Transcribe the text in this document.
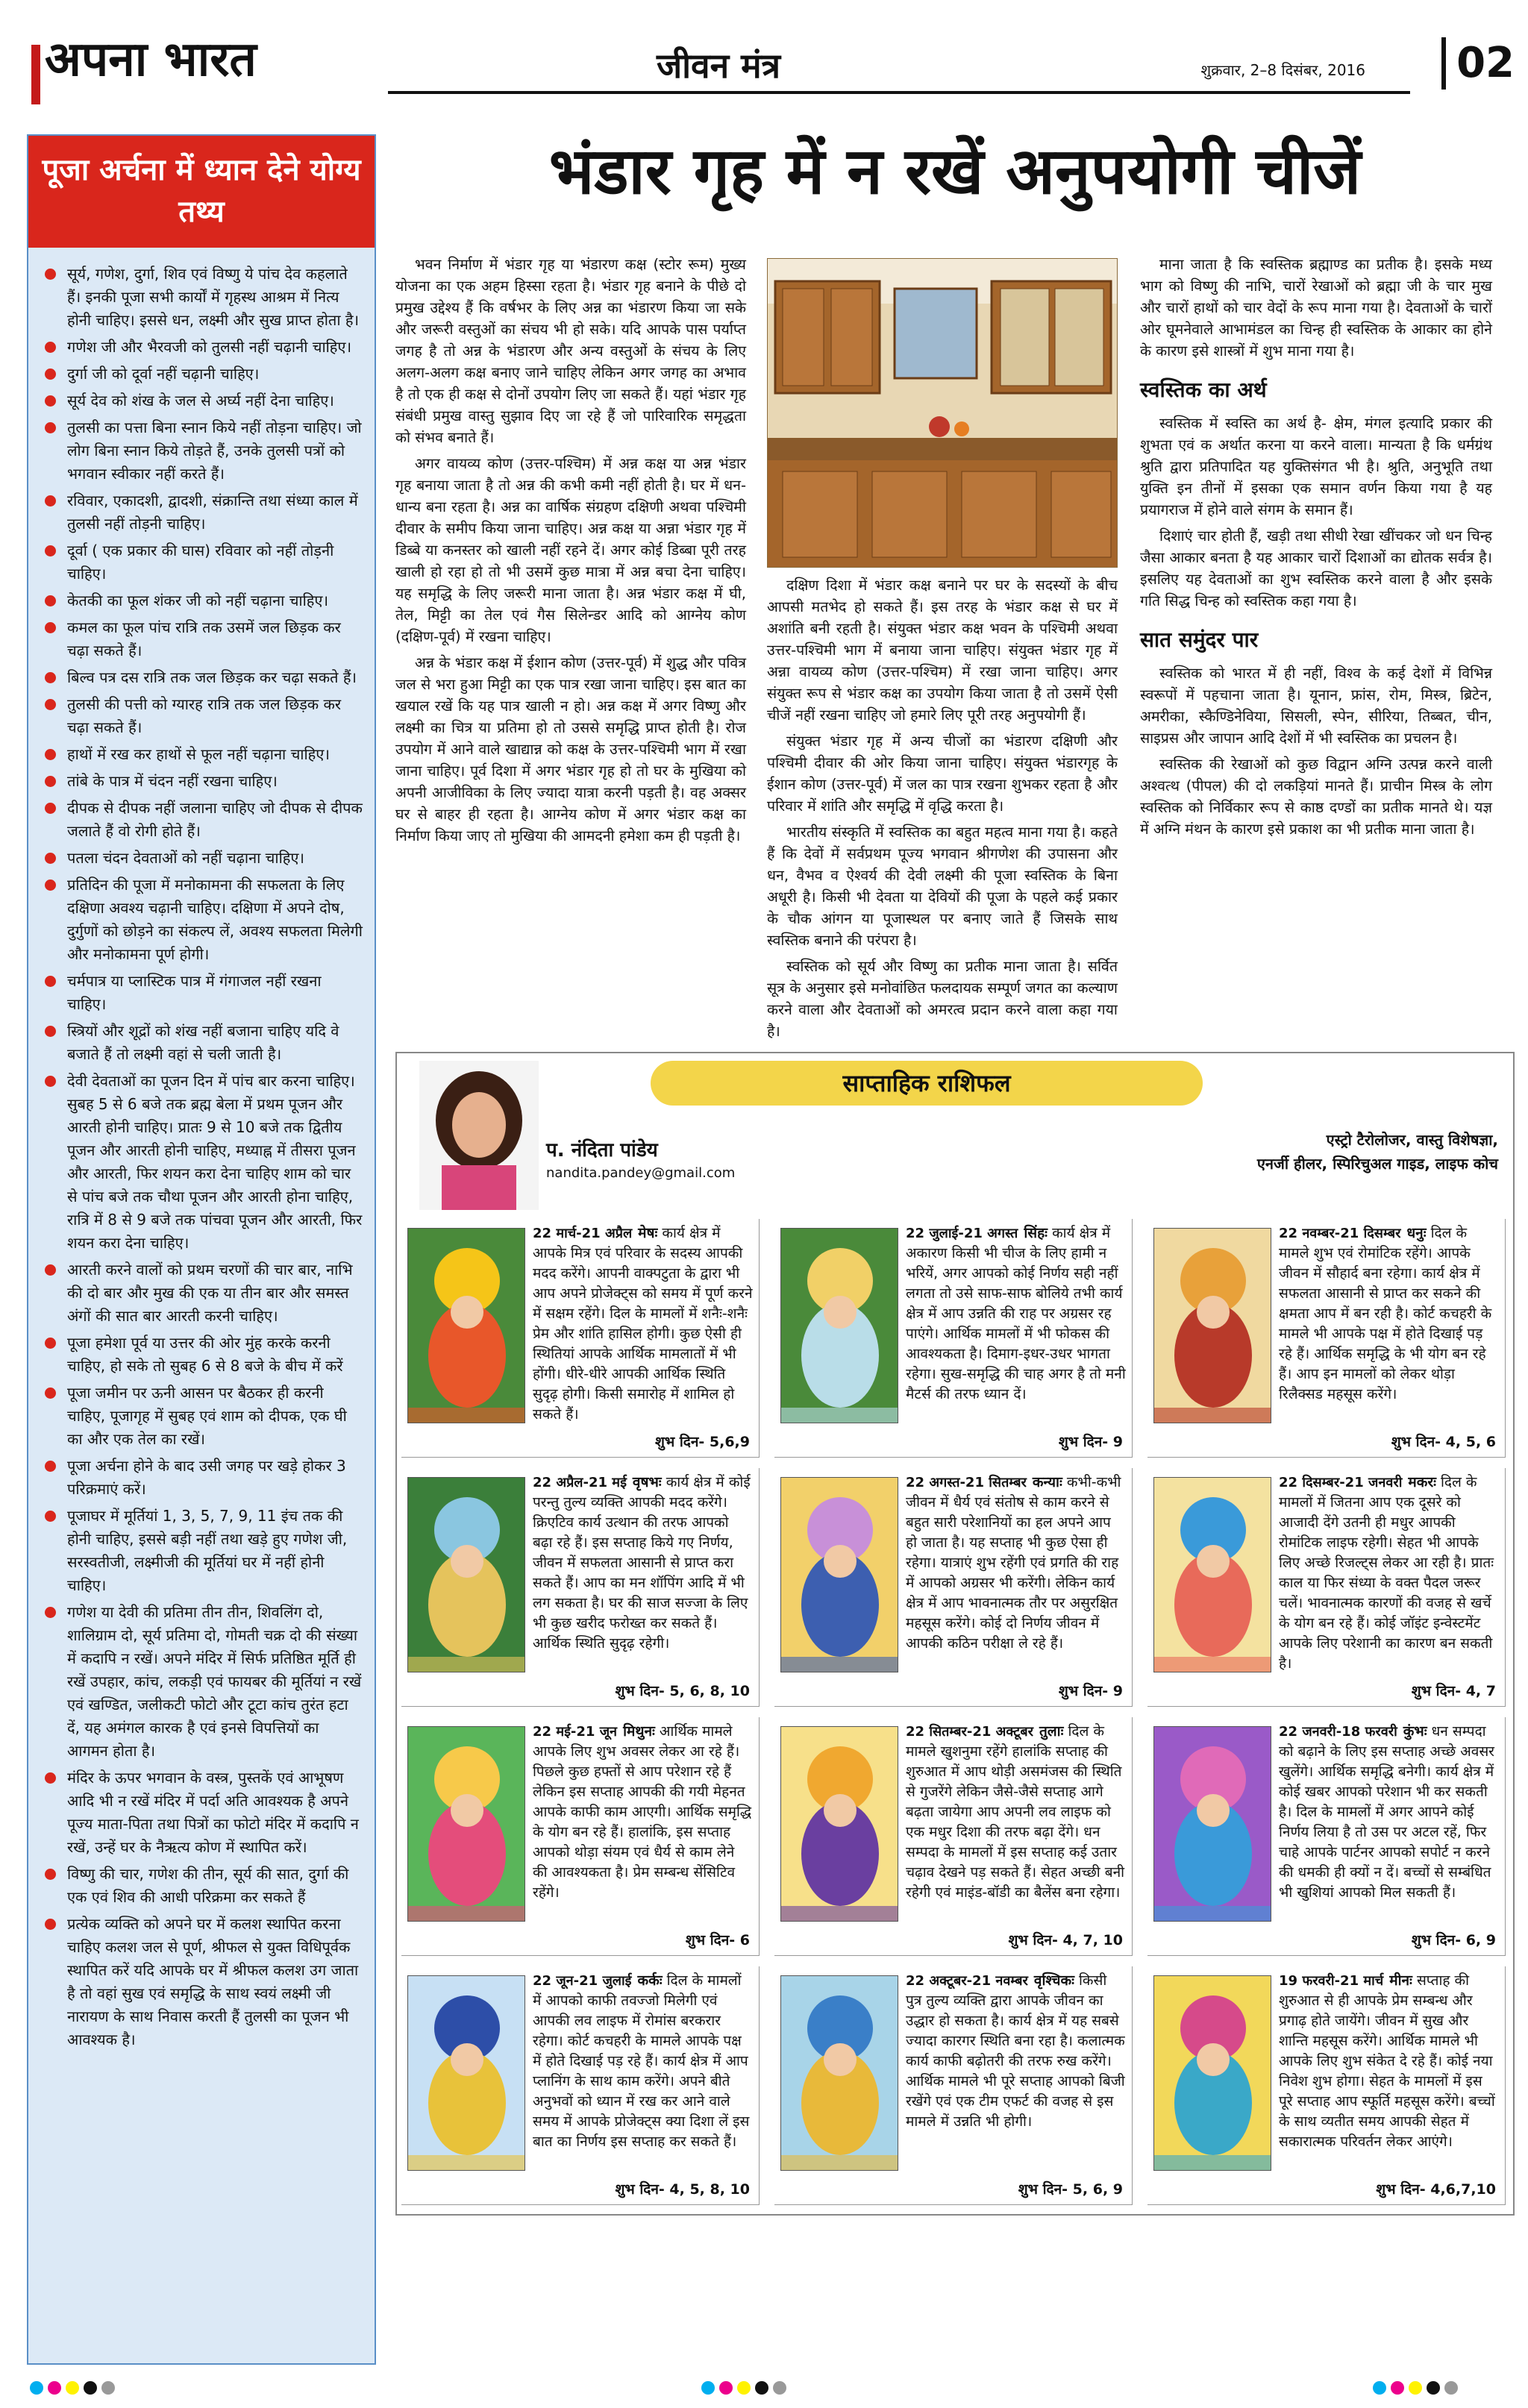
अपना भारत	जीवन मंत्र	शुक्रवार, 2–8 दिसंबर, 2016	02
पूजा अर्चना में ध्यान देने योग्य तथ्य
सूर्य, गणेश, दुर्गा, शिव एवं विष्णु ये पांच देव कहलाते हैं। इनकी पूजा सभी कार्यों में गृहस्थ आश्रम में नित्य होनी चाहिए। इससे धन, लक्ष्मी और सुख प्राप्त होता है।
गणेश जी और भैरवजी को तुलसी नहीं चढ़ानी चाहिए।
दुर्गा जी को दूर्वा नहीं चढ़ानी चाहिए।
सूर्य देव को शंख के जल से अर्घ्य नहीं देना चाहिए।
तुलसी का पत्ता बिना स्नान किये नहीं तोड़ना चाहिए। जो लोग बिना स्नान किये तोड़ते हैं, उनके तुलसी पत्रों को भगवान स्वीकार नहीं करते हैं।
रविवार, एकादशी, द्वादशी, संक्रान्ति तथा संध्या काल में तुलसी नहीं तोड़नी चाहिए।
दूर्वा ( एक प्रकार की घास) रविवार को नहीं तोड़नी चाहिए।
केतकी का फूल शंकर जी को नहीं चढ़ाना चाहिए।
कमल का फूल पांच रात्रि तक उसमें जल छिड़क कर चढ़ा सकते हैं।
बिल्व पत्र दस रात्रि तक जल छिड़क कर चढ़ा सकते हैं।
तुलसी की पत्ती को ग्यारह रात्रि तक जल छिड़क कर चढ़ा सकते हैं।
हाथों में रख कर हाथों से फूल नहीं चढ़ाना चाहिए।
तांबे के पात्र में चंदन नहीं रखना चाहिए।
दीपक से दीपक नहीं जलाना चाहिए जो दीपक से दीपक जलाते हैं वो रोगी होते हैं।
पतला चंदन देवताओं को नहीं चढ़ाना चाहिए।
प्रतिदिन की पूजा में मनोकामना की सफलता के लिए दक्षिणा अवश्य चढ़ानी चाहिए। दक्षिणा में अपने दोष, दुर्गुणों को छोड़ने का संकल्प लें, अवश्य सफलता मिलेगी और मनोकामना पूर्ण होगी।
चर्मपात्र या प्लास्टिक पात्र में गंगाजल नहीं रखना चाहिए।
स्त्रियों और शूद्रों को शंख नहीं बजाना चाहिए यदि वे बजाते हैं तो लक्ष्मी वहां से चली जाती है।
देवी देवताओं का पूजन दिन में पांच बार करना चाहिए। सुबह 5 से 6 बजे तक ब्रह्म बेला में प्रथम पूजन और आरती होनी चाहिए। प्रातः 9 से 10 बजे तक द्वितीय पूजन और आरती होनी चाहिए, मध्याह्न में तीसरा पूजन और आरती, फिर शयन करा देना चाहिए शाम को चार से पांच बजे तक चौथा पूजन और आरती होना चाहिए, रात्रि में 8 से 9 बजे तक पांचवा पूजन और आरती, फिर शयन करा देना चाहिए।
आरती करने वालों को प्रथम चरणों की चार बार, नाभि की दो बार और मुख की एक या तीन बार और समस्त अंगों की सात बार आरती करनी चाहिए।
पूजा हमेशा पूर्व या उत्तर की ओर मुंह करके करनी चाहिए, हो सके तो सुबह 6 से 8 बजे के बीच में करें
पूजा जमीन पर ऊनी आसन पर बैठकर ही करनी चाहिए, पूजागृह में सुबह एवं शाम को दीपक, एक घी का और एक तेल का रखें।
पूजा अर्चना होने के बाद उसी जगह पर खड़े होकर 3 परिक्रमाएं करें।
पूजाघर में मूर्तियां 1, 3, 5, 7, 9, 11 इंच तक की होनी चाहिए, इससे बड़ी नहीं तथा खड़े हुए गणेश जी, सरस्वतीजी, लक्ष्मीजी की मूर्तियां घर में नहीं होनी चाहिए।
गणेश या देवी की प्रतिमा तीन तीन, शिवलिंग दो, शालिग्राम दो, सूर्य प्रतिमा दो, गोमती चक्र दो की संख्या में कदापि न रखें। अपने मंदिर में सिर्फ प्रतिष्ठित मूर्ति ही रखें उपहार, कांच, लकड़ी एवं फायबर की मूर्तियां न रखें एवं खण्डित, जलीकटी फोटो और टूटा कांच तुरंत हटा दें, यह अमंगल कारक है एवं इनसे विपत्तियों का आगमन होता है।
मंदिर के ऊपर भगवान के वस्त्र, पुस्तकें एवं आभूषण आदि भी न रखें मंदिर में पर्दा अति आवश्यक है अपने पूज्य माता-पिता तथा पित्रों का फोटो मंदिर में कदापि न रखें, उन्हें घर के नैऋत्य कोण में स्थापित करें।
विष्णु की चार, गणेश की तीन, सूर्य की सात, दुर्गा की एक एवं शिव की आधी परिक्रमा कर सकते हैं
प्रत्येक व्यक्ति को अपने घर में कलश स्थापित करना चाहिए कलश जल से पूर्ण, श्रीफल से युक्त विधिपूर्वक स्थापित करें यदि आपके घर में श्रीफल कलश उग जाता है तो वहां सुख एवं समृद्धि के साथ स्वयं लक्ष्मी जी नारायण के साथ निवास करती हैं तुलसी का पूजन भी आवश्यक है।
भंडार गृह में न रखें अनुपयोगी चीजें

भवन निर्माण में भंडार गृह या भंडारण कक्ष (स्टोर रूम) मुख्य योजना का एक अहम हिस्सा रहता है। भंडार गृह बनाने के पीछे दो प्रमुख उद्देश्य हैं कि वर्षभर के लिए अन्न का भंडारण किया जा सके और जरूरी वस्तुओं का संचय भी हो सके। यदि आपके पास पर्याप्त जगह है तो अन्न के भंडारण और अन्य वस्तुओं के संचय के लिए अलग-अलग कक्ष बनाए जाने चाहिए लेकिन अगर जगह का अभाव है तो एक ही कक्ष से दोनों उपयोग लिए जा सकते हैं। यहां भंडार गृह संबंधी प्रमुख वास्तु सुझाव दिए जा रहे हैं जो पारिवारिक समृद्धता को संभव बनाते हैं।

अगर वायव्य कोण (उत्तर-पश्चिम) में अन्न कक्ष या अन्न भंडार गृह बनाया जाता है तो अन्न की कभी कमी नहीं होती है। घर में धन-धान्य बना रहता है। अन्न का वार्षिक संग्रहण दक्षिणी अथवा पश्चिमी दीवार के समीप किया जाना चाहिए। अन्न कक्ष या अन्ना भंडार गृह में डिब्बे या कनस्तर को खाली नहीं रहने दें। अगर कोई डिब्बा पूरी तरह खाली हो रहा हो तो भी उसमें कुछ मात्रा में अन्न बचा देना चाहिए। यह समृद्धि के लिए जरूरी माना जाता है। अन्न भंडार कक्ष में घी, तेल, मिट्टी का तेल एवं गैस सिलेन्डर आदि को आग्नेय कोण (दक्षिण-पूर्व) में रखना चाहिए।

अन्न के भंडार कक्ष में ईशान कोण (उत्तर-पूर्व) में शुद्ध और पवित्र जल से भरा हुआ मिट्टी का एक पात्र रखा जाना चाहिए। इस बात का खयाल रखें कि यह पात्र खाली न हो। अन्न कक्ष में अगर विष्णु और लक्ष्मी का चित्र या प्रतिमा हो तो उससे समृद्धि प्राप्त होती है। रोज उपयोग में आने वाले खाद्यान्न को कक्ष के उत्तर-पश्चिमी भाग में रखा जाना चाहिए। पूर्व दिशा में अगर भंडार गृह हो तो घर के मुखिया को अपनी आजीविका के लिए ज्यादा यात्रा करनी पड़ती है। वह अक्सर घर से बाहर ही रहता है। आग्नेय कोण में अगर भंडार कक्ष का निर्माण किया जाए तो मुखिया की आमदनी हमेशा कम ही पड़ती है।

दक्षिण दिशा में भंडार कक्ष बनाने पर घर के सदस्यों के बीच आपसी मतभेद हो सकते हैं। इस तरह के भंडार कक्ष से घर में अशांति बनी रहती है। संयुक्त भंडार कक्ष भवन के पश्चिमी अथवा उत्तर-पश्चिमी भाग में बनाया जाना चाहिए। संयुक्त भंडार गृह में अन्ना वायव्य कोण (उत्तर-पश्चिम) में रखा जाना चाहिए। अगर संयुक्त रूप से भंडार कक्ष का उपयोग किया जाता है तो उसमें ऐसी चीजें नहीं रखना चाहिए जो हमारे लिए पूरी तरह अनुपयोगी हैं।

संयुक्त भंडार गृह में अन्य चीजों का भंडारण दक्षिणी और पश्चिमी दीवार की ओर किया जाना चाहिए। संयुक्त भंडारगृह के ईशान कोण (उत्तर-पूर्व) में जल का पात्र रखना शुभकर रहता है और परिवार में शांति और समृद्धि में वृद्धि करता है।

भारतीय संस्कृति में स्वस्तिक का बहुत महत्व माना गया है। कहते हैं कि देवों में सर्वप्रथम पूज्य भगवान श्रीगणेश की उपासना और धन, वैभव व ऐश्वर्य की देवी लक्ष्मी की पूजा स्वस्तिक के बिना अधूरी है। किसी भी देवता या देवियों की पूजा के पहले कई प्रकार के चौक आंगन या पूजास्थल पर बनाए जाते हैं जिसके साथ स्वस्तिक बनाने की परंपरा है।

स्वस्तिक को सूर्य और विष्णु का प्रतीक माना जाता है। सर्वित सूत्र के अनुसार इसे मनोवांछित फलदायक सम्पूर्ण जगत का कल्याण करने वाला और देवताओं को अमरत्व प्रदान करने वाला कहा गया है।

माना जाता है कि स्वस्तिक ब्रह्माण्ड का प्रतीक है। इसके मध्य भाग को विष्णु की नाभि, चारों रेखाओं को ब्रह्मा जी के चार मुख और चारों हाथों को चार वेदों के रूप माना गया है। देवताओं के चारों ओर घूमनेवाले आभामंडल का चिन्ह ही स्वस्तिक के आकार का होने के कारण इसे शास्त्रों में शुभ माना गया है।

स्वस्तिक का अर्थ

स्वस्तिक में स्वस्ति का अर्थ है- क्षेम, मंगल इत्यादि प्रकार की शुभता एवं क अर्थात करना या करने वाला। मान्यता है कि धर्मग्रंथ श्रुति द्वारा प्रतिपादित यह युक्तिसंगत भी है। श्रुति, अनुभूति तथा युक्ति इन तीनों में इसका एक समान वर्णन किया गया है यह प्रयागराज में होने वाले संगम के समान हैं।

दिशाएं चार होती हैं, खड़ी तथा सीधी रेखा खींचकर जो धन चिन्ह जैसा आकार बनता है यह आकार चारों दिशाओं का द्योतक सर्वत्र है। इसलिए यह देवताओं का शुभ स्वस्तिक करने वाला है और इसके गति सिद्ध चिन्ह को स्वस्तिक कहा गया है।

सात समुंदर पार

स्वस्तिक को भारत में ही नहीं, विश्व के कई देशों में विभिन्न स्वरूपों में पहचाना जाता है। यूनान, फ्रांस, रोम, मिस्त्र, ब्रिटेन, अमरीका, स्कैण्डिनेविया, सिसली, स्पेन, सीरिया, तिब्बत, चीन, साइप्रस और जापान आदि देशों में भी स्वस्तिक का प्रचलन है।

स्वस्तिक की रेखाओं को कुछ विद्वान अग्नि उत्पन्न करने वाली अश्वत्थ (पीपल) की दो लकड़ियां मानते हैं। प्राचीन मिस्त्र के लोग स्वस्तिक को निर्विकार रूप से काष्ठ दण्डों का प्रतीक मानते थे। यज्ञ में अग्नि मंथन के कारण इसे प्रकाश का भी प्रतीक माना जाता है।

साप्ताहिक राशिफल
प. नंदिता पांडेय
nandita.pandey@gmail.com
एस्ट्रो टैरोलोजर, वास्तु विशेषज्ञा,
एनर्जी हीलर, स्पिरिचुअल गाइड, लाइफ कोच
22 मार्च-21 अप्रैल मेषः कार्य क्षेत्र में आपके मित्र एवं परिवार के सदस्य आपकी मदद करेंगे। आपनी वाक्पटुता के द्वारा भी आप अपने प्रोजेक्ट्स को समय में पूर्ण करने में सक्षम रहेंगे। दिल के मामलों में शनैः-शनैः प्रेम और शांति हासिल होगी। कुछ ऐसी ही स्थितियां आपके आर्थिक मामलातों में भी होंगी। धीरे-धीरे आपकी आर्थिक स्थिति सुदृढ़ होगी। किसी समारोह में शामिल हो सकते हैं।
शुभ दिन- 5,6,9
22 जुलाई-21 अगस्त सिंहः कार्य क्षेत्र में अकारण किसी भी चीज के लिए हामी न भरियें, अगर आपको कोई निर्णय सही नहीं लगता तो उसे साफ-साफ बोलिये तभी कार्य क्षेत्र में आप उन्नति की राह पर अग्रसर रह पाएंगे। आर्थिक मामलों में भी फोकस की आवश्यकता है। दिमाग-इधर-उधर भागता रहेगा। सुख-समृद्धि की चाह अगर है तो मनी मैटर्स की तरफ ध्यान दें।
शुभ दिन- 9
22 नवम्बर-21 दिसम्बर धनुः दिल के मामले शुभ एवं रोमांटिक रहेंगे। आपके जीवन में सौहार्द बना रहेगा। कार्य क्षेत्र में सफलता आसानी से प्राप्त कर सकने की क्षमता आप में बन रही है। कोर्ट कचहरी के मामले भी आपके पक्ष में होते दिखाई पड़ रहे हैं। आर्थिक समृद्धि के भी योग बन रहे हैं। आप इन मामलों को लेकर थोड़ा रिलैक्सड महसूस करेंगे।
शुभ दिन- 4, 5, 6
22 अप्रैल-21 मई वृषभः कार्य क्षेत्र में कोई परन्तु तुल्य व्यक्ति आपकी मदद करेंगे। क्रिएटिव कार्य उत्थान की तरफ आपको बढ़ा रहे हैं। इस सप्ताह किये गए निर्णय, जीवन में सफलता आसानी से प्राप्त करा सकते हैं। आप का मन शॉपिंग आदि में भी लग सकता है। घर की साज सज्जा के लिए भी कुछ खरीद फरोख्त कर सकते हैं। आर्थिक स्थिति सुदृढ़ रहेगी।
शुभ दिन- 5, 6, 8, 10
22 अगस्त-21 सितम्बर कन्याः कभी-कभी जीवन में धैर्य एवं संतोष से काम करने से बहुत सारी परेशानियों का हल अपने आप हो जाता है। यह सप्ताह भी कुछ ऐसा ही रहेगा। यात्राएं शुभ रहेंगी एवं प्रगति की राह में आपको अग्रसर भी करेंगी। लेकिन कार्य क्षेत्र में आप भावनात्मक तौर पर असुरक्षित महसूस करेंगे। कोई दो निर्णय जीवन में आपकी कठिन परीक्षा ले रहे हैं।
शुभ दिन- 9
22 दिसम्बर-21 जनवरी मकरः दिल के मामलों में जितना आप एक दूसरे को आजादी देंगे उतनी ही मधुर आपकी रोमांटिक लाइफ रहेगी। सेहत भी आपके लिए अच्छे रिजल्ट्स लेकर आ रही है। प्रातः काल या फिर संध्या के वक्त पैदल जरूर चलें। भावनात्मक कारणों की वजह से खर्चे के योग बन रहे हैं। कोई जॉइंट इन्वेस्टमेंट आपके लिए परेशानी का कारण बन सकती है।
शुभ दिन- 4, 7
22 मई-21 जून मिथुनः आर्थिक मामले आपके लिए शुभ अवसर लेकर आ रहे हैं। पिछले कुछ हफ्तों से आप परेशान रहे हैं लेकिन इस सप्ताह आपकी की गयी मेहनत आपके काफी काम आएगी। आर्थिक समृद्धि के योग बन रहे हैं। हालांकि, इस सप्ताह आपको थोड़ा संयम एवं धैर्य से काम लेने की आवश्यकता है। प्रेम सम्बन्ध सेंसिटिव रहेंगे।
शुभ दिन- 6
22 सितम्बर-21 अक्टूबर तुलाः दिल के मामले खुशनुमा रहेंगे हालांकि सप्ताह की शुरुआत में आप थोड़ी असमंजस की स्थिति से गुजरेंगे लेकिन जैसे-जैसे सप्ताह आगे बढ़ता जायेगा आप अपनी लव लाइफ को एक मधुर दिशा की तरफ बढ़ा देंगे। धन सम्पदा के मामलों में इस सप्ताह कई उतार चढ़ाव देखने पड़ सकते हैं। सेहत अच्छी बनी रहेगी एवं माइंड-बॉडी का बैलेंस बना रहेगा।
शुभ दिन- 4, 7, 10
22 जनवरी-18 फरवरी कुंभः धन सम्पदा को बढ़ाने के लिए इस सप्ताह अच्छे अवसर खुलेंगे। आर्थिक समृद्धि बनेगी। कार्य क्षेत्र में कोई खबर आपको परेशान भी कर सकती है। दिल के मामलों में अगर आपने कोई निर्णय लिया है तो उस पर अटल रहें, फिर चाहे आपके पार्टनर आपको सपोर्ट न करने की धमकी ही क्यों न दें। बच्चों से सम्बंधित भी खुशियां आपको मिल सकती हैं।
शुभ दिन- 6, 9
22 जून-21 जुलाई कर्कः दिल के मामलों में आपको काफी तवज्जो मिलेगी एवं आपकी लव लाइफ में रोमांस बरकरार रहेगा। कोर्ट कचहरी के मामले आपके पक्ष में होते दिखाई पड़ रहे हैं। कार्य क्षेत्र में आप प्लानिंग के साथ काम करेंगे। अपने बीते अनुभवों को ध्यान में रख कर आने वाले समय में आपके प्रोजेक्ट्स क्या दिशा लें इस बात का निर्णय इस सप्ताह कर सकते हैं।
शुभ दिन- 4, 5, 8, 10
22 अक्टूबर-21 नवम्बर वृश्चिकः किसी पुत्र तुल्य व्यक्ति द्वारा आपके जीवन का उद्धार हो सकता है। कार्य क्षेत्र में यह सबसे ज्यादा कारगर स्थिति बना रहा है। कलात्मक कार्य काफी बढ़ोतरी की तरफ रुख करेंगे। आर्थिक मामले भी पूरे सप्ताह आपको बिजी रखेंगे एवं एक टीम एफर्ट की वजह से इस मामले में उन्नति भी होगी।
शुभ दिन- 5, 6, 9
19 फरवरी-21 मार्च मीनः सप्ताह की शुरुआत से ही आपके प्रेम सम्बन्ध और प्रगाढ़ होते जायेंगे। जीवन में सुख और शान्ति महसूस करेंगे। आर्थिक मामले भी आपके लिए शुभ संकेत दे रहे हैं। कोई नया निवेश शुभ होगा। सेहत के मामलों में इस पूरे सप्ताह आप स्फूर्ति महसूस करेंगे। बच्चों के साथ व्यतीत समय आपकी सेहत में सकारात्मक परिवर्तन लेकर आएंगे।
शुभ दिन- 4,6,7,10
